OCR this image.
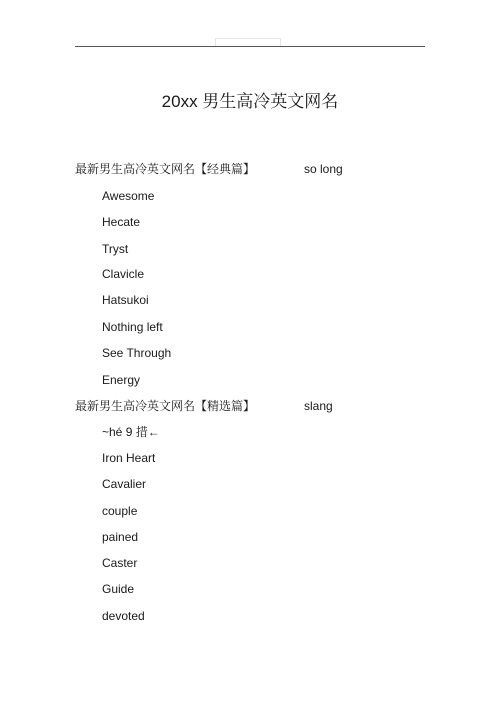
20xx 男生高冷英文网名
最新男生高冷英文网名【经典篇】	so long
Awesome
Hecate
Tryst
Clavicle
Hatsukoi
Nothing left
See Through
Energy
最新男生高冷英文网名【精选篇】	slang
~hé 9 措←
Iron Heart
Cavalier
couple
pained
Caster
Guide
devoted
